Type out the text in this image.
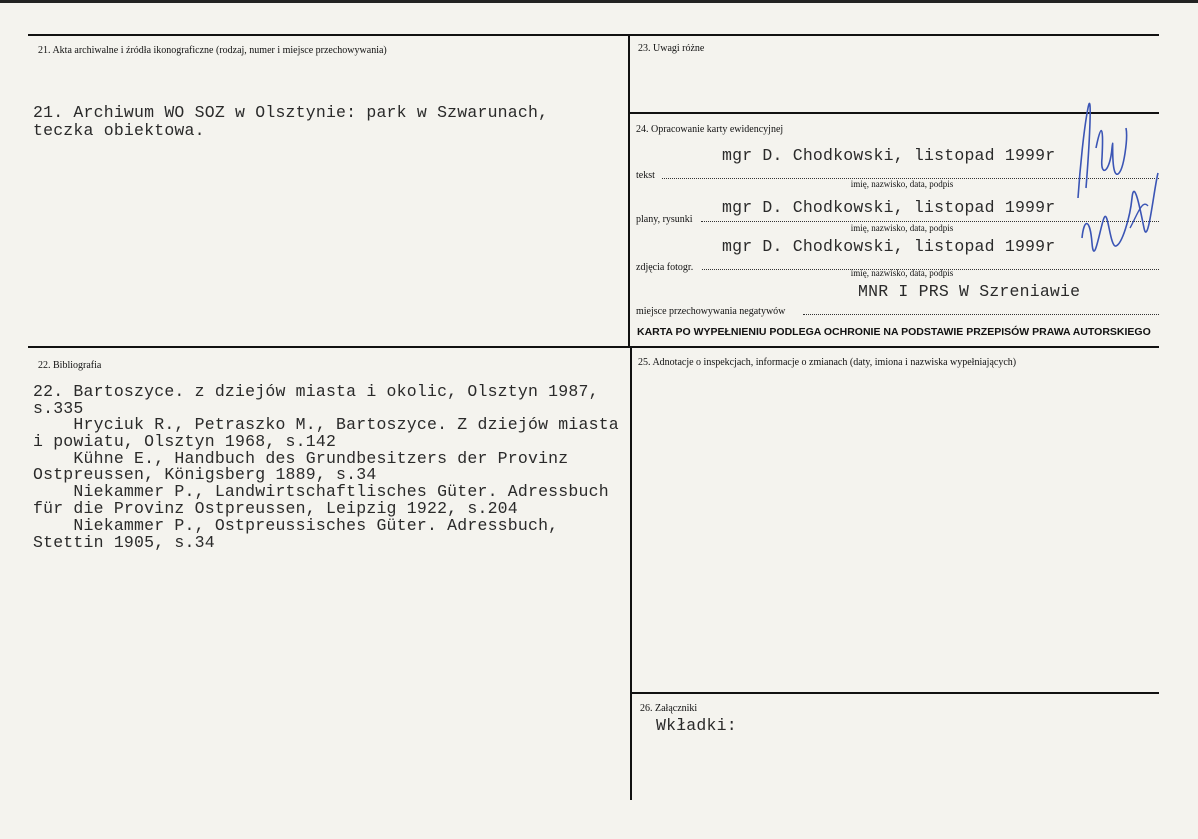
21. Akta archiwalne i źródła ikonograficzne (rodzaj, numer i miejsce przechowywania)
21. Archiwum WO SOZ w Olsztynie: park w Szwarunach,
teczka obiektowa.
23. Uwagi różne
24. Opracowanie karty ewidencyjnej
mgr D. Chodkowski, listopad 1999r
tekst
imię, nazwisko, data, podpis
mgr D. Chodkowski, listopad 1999r
plany, rysunki
imię, nazwisko, data, podpis
mgr D. Chodkowski, listopad 1999r
zdjęcia fotogr.	imię, nazwisko, data, podpis
MNR I PRS W Szreniawie
miejsce przechowywania negatywów
KARTA PO WYPEŁNIENIU PODLEGA OCHRONIE NA PODSTAWIE PRZEPISÓW PRAWA AUTORSKIEGO
22. Bibliografia
22. Bartoszyce. z dziejów miasta i okolic, Olsztyn 1987,
s.335
Hryciuk R., Petraszko M., Bartoszyce. Z dziejów miasta
i powiatu, Olsztyn 1968, s.142
Kühne E., Handbuch des Grundbesitzers der Provinz
Ostpreussen, Königsberg 1889, s.34
Niekammer P., Landwirtschaftlisches Güter. Adressbuch
für die Provinz Ostpreussen, Leipzig 1922, s.204
Niekammer P., Ostpreussisches Güter. Adressbuch,
Stettin 1905, s.34
25. Adnotacje o inspekcjach, informacje o zmianach (daty, imiona i nazwiska wypełniających)
26. Załączniki
Wkładki:
